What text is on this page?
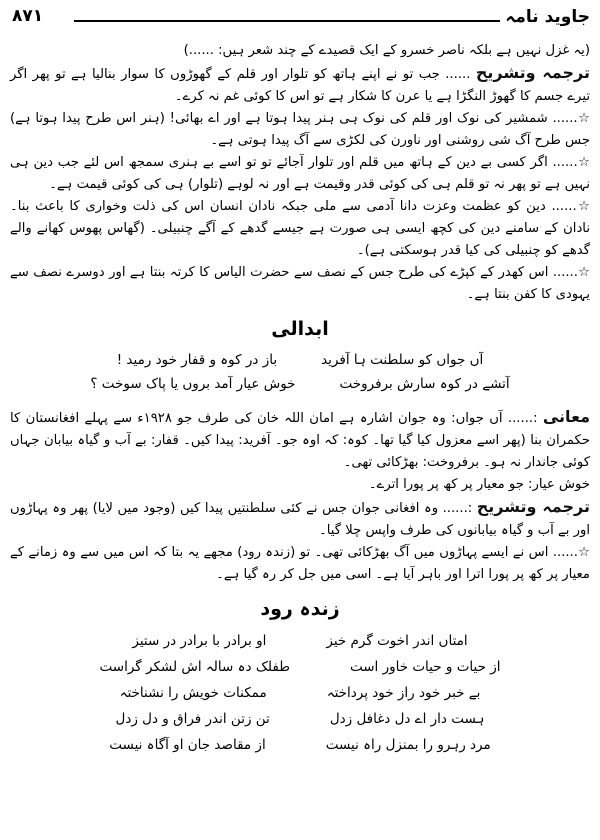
جاوید نامہ
۸۷۱

(یہ غزل نہیں ہے بلکہ ناصر خسرو کے ایک قصیدے کے چند شعر ہیں: ......)

ترجمہ وتشریح ...... جب تو نے اپنے ہاتھ کو تلوار اور قلم کے گھوڑوں کا سوار بنالیا ہے تو پھر اگر تیرے جسم کا گھوڑ النگڑا ہے یا عرن کا شکار ہے تو اس کا کوئی غم نہ کرے۔

☆...... شمشیر کی نوک اور قلم کی نوک ہی ہنر پیدا ہوتا ہے اور اے بھائی! (ہنر اس طرح پیدا ہوتا ہے) جس طرح آگ شی روشنی اور ناورن کی لکڑی سے آگ پیدا ہوتی ہے۔

☆...... اگر کسی بے دین کے ہاتھ میں قلم اور تلوار آجائے تو تو اسے بے ہنری سمجھ اس لئے جب دین ہی نہیں ہے تو پھر نہ تو قلم ہی کی کوئی قدر وقیمت ہے اور نہ لوہے (تلوار) ہی کی کوئی قیمت ہے۔

☆...... دین کو عظمت وعزت دانا آدمی سے ملی جبکہ نادان انسان اس کی ذلت وخواری کا باعث بنا۔ نادان کے سامنے دین کی کچھ ایسی ہی صورت ہے جیسے گدھے کے آگے چنبیلی۔ (گھاس پھوس کھانے والے گدھے کو چنبیلی کی کیا قدر ہوسکتی ہے)۔

☆...... اس کھدر کے کپڑے کی طرح جس کے نصف سے حضرت الیاس کا کرتہ بنتا ہے اور دوسرے نصف سے یہودی کا کفن بنتا ہے۔

ابدالی
آں جواں کو سلطنت ہا آفرید
باز در کوہ و قفار خود رمید !
آتشے در کوہ سارش برفروخت
خوش عیار آمد بروں یا پاک سوخت ؟

معانی :...... آں جواں: وہ جوان اشارہ ہے امان اللہ خان کی طرف جو ۱۹۲۸ء سے پہلے افغانستان کا حکمران بنا (پھر اسے معزول کیا گیا تھا۔ کوہ: کہ اوہ جو۔ آفرید: پیدا کیں۔ قفار: بے آب و گیاہ بیابان جہاں کوئی جاندار نہ ہو۔ برفروخت: بھڑکائی تھی۔

خوش عیار: جو معیار پر کھ پر پورا اترے۔

ترجمہ وتشریح :...... وہ افغانی جوان جس نے کئی سلطنتیں پیدا کیں (وجود میں لایا) پھر وہ پہاڑوں اور بے آب و گیاہ بیابانوں کی طرف واپس چلا گیا۔

☆...... اس نے ایسے پہاڑوں میں آگ بھڑکائی تھی۔ تو (زندہ رود) مجھے یہ بتا کہ اس میں سے وہ زمانے کے معیار پر کھ پر پورا اترا اور باہر آیا ہے۔ اسی میں جل کر رہ گیا ہے۔

زندہ رود
امتاں اندر اخوت گرم خیز
او برادر با برادر در ستیز
از حیات و حیات خاور است
طفلک دہ سالہ اش لشکر گراست
بے خبر خود راز خود پرداختہ
ممکنات خویش را نشناختہ
ہست دار اے دل دغافل زدل
تن زتن اندر فراق و دل زدل
مرد رہرو را بمنزل راہ نیست
از مقاصد جان او آگاہ نیست
